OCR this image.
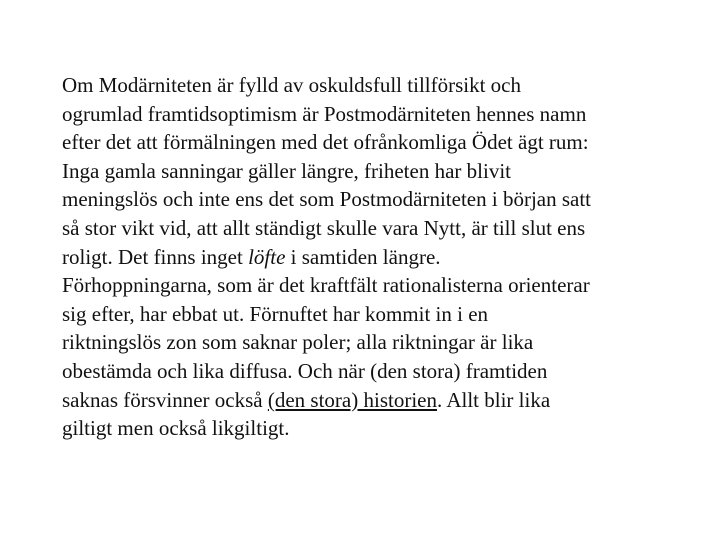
Om Modärniteten är fylld av oskuldsfull tillförsikt och
ogrumlad framtidsoptimism är Postmodärniteten hennes namn
efter det att förmälningen med det ofrånkomliga Ödet ägt rum:
Inga gamla sanningar gäller längre, friheten har blivit
meningslös och inte ens det som Postmodärniteten i början satt
så stor vikt vid, att allt ständigt skulle vara Nytt, är till slut ens
roligt. Det finns inget löfte i samtiden längre.
Förhoppningarna, som är det kraftfält rationalisterna orienterar
sig efter, har ebbat ut. Förnuftet har kommit in i en
riktningslös zon som saknar poler; alla riktningar är lika
obestämda och lika diffusa. Och när (den stora) framtiden
saknas försvinner också (den stora) historien. Allt blir lika
giltigt men också likgiltigt.
